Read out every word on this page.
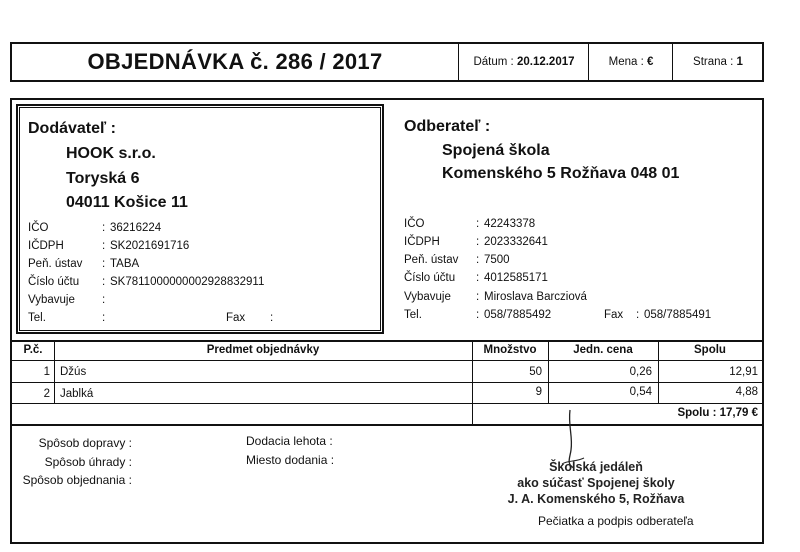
OBJEDNÁVKA č. 286 / 2017	Dátum : 20.12.2017	Mena : €	Strana : 1
Dodávateľ :
HOOK s.r.o.
Toryská 6
04011 Košice 11
IČO	: 36216224
IČDPH	: SK2021691716
Peň. ústav : TABA
Číslo účtu : SK7811000000002928832911
Vybavuje :
Tel.	:	Fax :
Odberateľ :
Spojená škola
Komenského 5 Rožňava 048 01
IČO	: 42243378
IČDPH	: 2023332641
Peň. ústav : 7500
Číslo účtu : 4012585171
Vybavuje : Miroslava Barcziová
Tel.	: 058/7885492	Fax : 058/7885491
P.č.	Predmet objednávky	Množstvo	Jedn. cena	Spolu
1 Džús	50	0,26	12,91
2 Jablká	9	0,54	4,88
Spolu : 17,79 €
Spôsob dopravy :
Spôsob úhrady :
Spôsob objednania :
Dodacia lehota :
Miesto dodania :	Školská jedáleň
ako súčasť Spojenej školy
J. A. Komenského 5, Rožňava
Pečiatka a podpis odberateľa
